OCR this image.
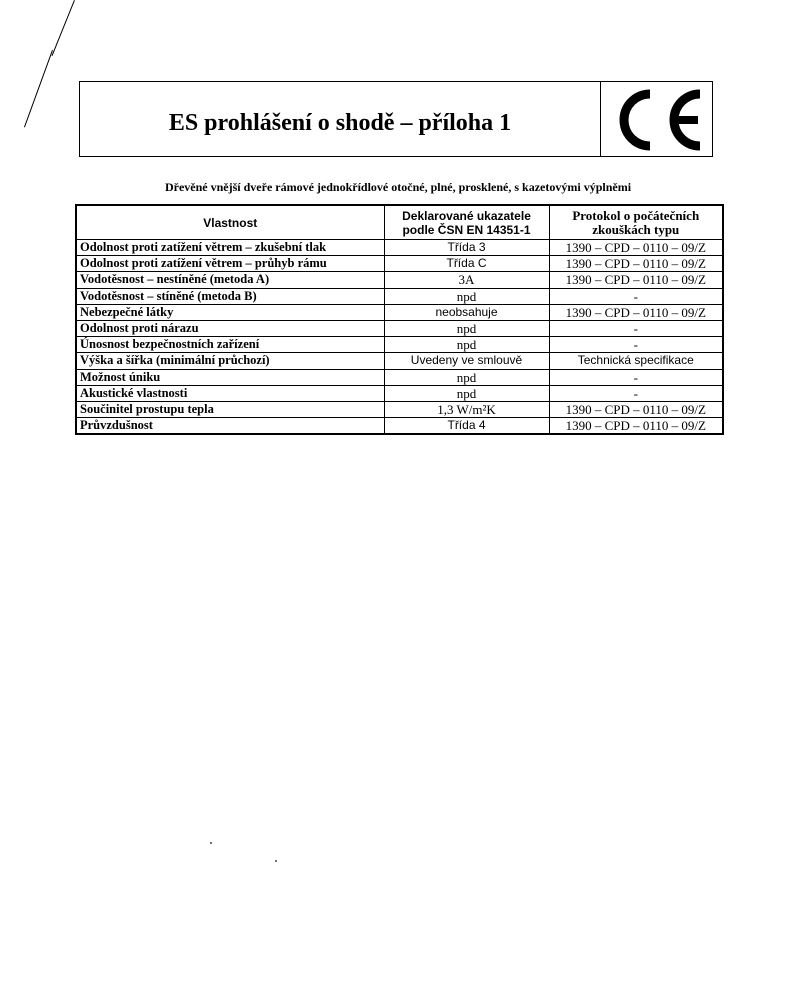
ES prohlášení o shodě – příloha 1
Dřevěné vnější dveře rámové jednokřídlové otočné, plné, prosklené, s kazetovými výplněmi
Vlastnost	Deklarované ukazatele podle ČSN EN 14351-1	Protokol o počátečních zkouškách typu
Odolnost proti zatížení větrem – zkušební tlak	Třída 3	1390 – CPD – 0110 – 09/Z
Odolnost proti zatížení větrem – průhyb rámu	Třída C	1390 – CPD – 0110 – 09/Z
Vodotěsnost – nestíněné (metoda A)	3A	1390 – CPD – 0110 – 09/Z
Vodotěsnost – stíněné (metoda B)	npd	-
Nebezpečné látky	neobsahuje	1390 – CPD – 0110 – 09/Z
Odolnost proti nárazu	npd	-
Únosnost bezpečnostních zařízení	npd	-
Výška a šířka (minimální průchozí)	Uvedeny ve smlouvě	Technická specifikace
Možnost úniku	npd	-
Akustické vlastnosti	npd	-
Součinitel prostupu tepla	1,3 W/m²K	1390 – CPD – 0110 – 09/Z
Průvzdušnost	Třída 4	1390 – CPD – 0110 – 09/Z
